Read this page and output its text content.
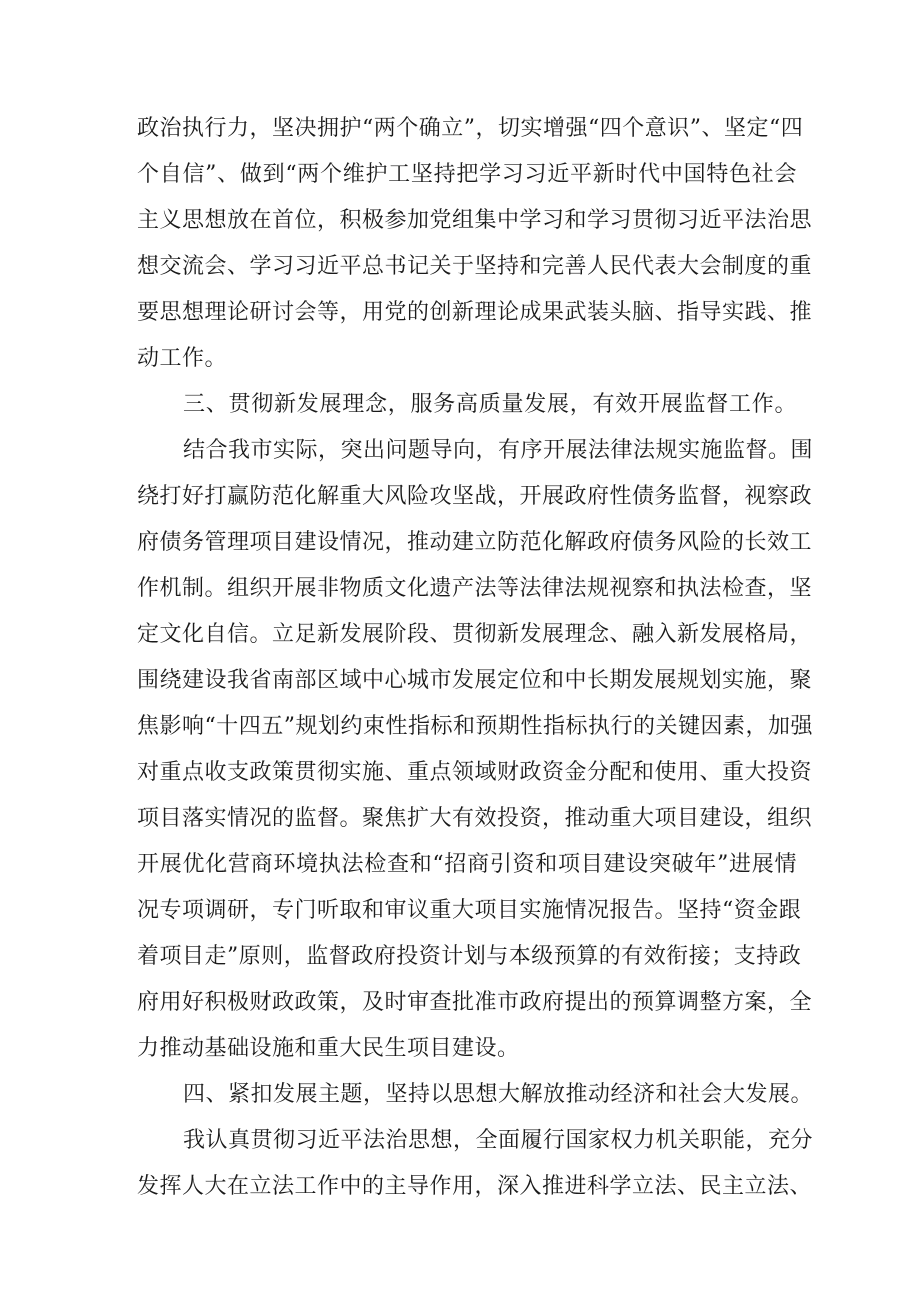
政治执行力，坚决拥护“两个确立”，切实增强“四个意识”、坚定“四
个自信”、做到“两个维护工坚持把学习习近平新时代中国特色社会
主义思想放在首位，积极参加党组集中学习和学习贯彻习近平法治思
想交流会、学习习近平总书记关于坚持和完善人民代表大会制度的重
要思想理论研讨会等，用党的创新理论成果武装头脑、指导实践、推
动工作。
三、贯彻新发展理念，服务高质量发展，有效开展监督工作。
结合我市实际，突出问题导向，有序开展法律法规实施监督。围
绕打好打赢防范化解重大风险攻坚战，开展政府性债务监督，视察政
府债务管理项目建设情况，推动建立防范化解政府债务风险的长效工
作机制。组织开展非物质文化遗产法等法律法规视察和执法检查，坚
定文化自信。立足新发展阶段、贯彻新发展理念、融入新发展格局，
围绕建设我省南部区域中心城市发展定位和中长期发展规划实施，聚
焦影响“十四五”规划约束性指标和预期性指标执行的关键因素，加强
对重点收支政策贯彻实施、重点领域财政资金分配和使用、重大投资
项目落实情况的监督。聚焦扩大有效投资，推动重大项目建设，组织
开展优化营商环境执法检查和“招商引资和项目建设突破年”进展情
况专项调研，专门听取和审议重大项目实施情况报告。坚持“资金跟
着项目走”原则，监督政府投资计划与本级预算的有效衔接；支持政
府用好积极财政政策，及时审查批准市政府提出的预算调整方案，全
力推动基础设施和重大民生项目建设。
四、紧扣发展主题，坚持以思想大解放推动经济和社会大发展。
我认真贯彻习近平法治思想，全面履行国家权力机关职能，充分
发挥人大在立法工作中的主导作用，深入推进科学立法、民主立法、
